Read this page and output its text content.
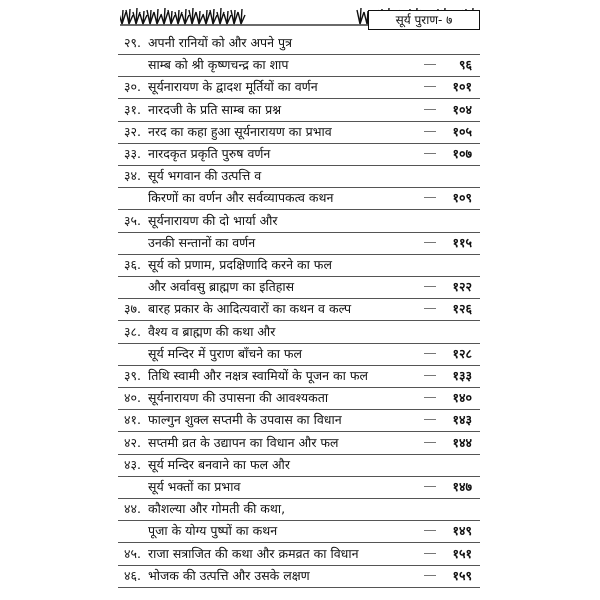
सूर्य पुराण- ७
२९. अपनी रानियों को और अपने पुत्र
साम्ब को श्री कृष्णचन्द्र का शाप	९६
३०. सूर्यनारायण के द्वादश मूर्तियों का वर्णन	१०१
३१. नारदजी के प्रति साम्ब का प्रश्न	१०४
३२. नरद का कहा हुआ सूर्यनारायण का प्रभाव	१०५
३३. नारदकृत प्रकृति पुरुष वर्णन	१०७
३४. सूर्य भगवान की उत्पत्ति व
किरणों का वर्णन और सर्वव्यापकत्व कथन	१०९
३५. सूर्यनारायण की दो भार्या और
उनकी सन्तानों का वर्णन	११५
३६. सूर्य को प्रणाम, प्रदक्षिणादि करने का फल
और अर्वावसु ब्राह्मण का इतिहास	१२२
३७. बारह प्रकार के आदित्यवारों का कथन व कल्प	१२६
३८. वैश्य व ब्राह्मण की कथा और
सूर्य मन्दिर में पुराण बाँचने का फल	१२८
३९. तिथि स्वामी और नक्षत्र स्वामियों के पूजन का फल	१३३
४०. सूर्यनारायण की उपासना की आवश्यकता	१४०
४१. फाल्गुन शुक्ल सप्तमी के उपवास का विधान	१४३
४२. सप्तमी व्रत के उद्यापन का विधान और फल	१४४
४३. सूर्य मन्दिर बनवाने का फल और
सूर्य भक्तों का प्रभाव	१४७
४४. कौशल्या और गोमती की कथा,
पूजा के योग्य पुष्पों का कथन	१४९
४५. राजा सत्राजित की कथा और क्रमव्रत का विधान	१५१
४६. भोजक की उत्पत्ति और उसके लक्षण	१५९
